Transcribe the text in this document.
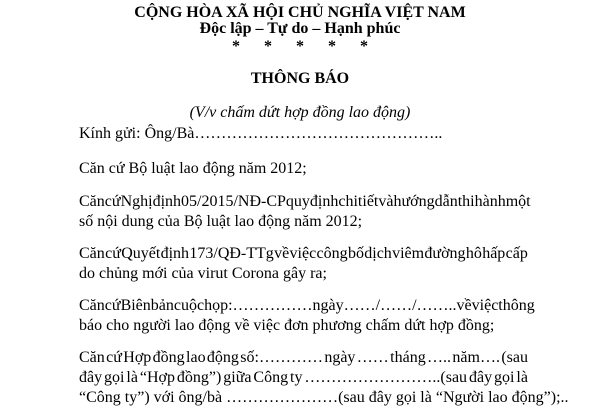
CỘNG HÒA XÃ HỘI CHỦ NGHĨA VIỆT NAM
Độc lập – Tự do – Hạnh phúc
* * * * *
THÔNG BÁO
(V/v chấm dứt hợp đồng lao động)
Kính gửi: Ông/Bà………………………………………..
Căn cứ Bộ luật lao động năm 2012;
Căn cứ Nghị định 05/2015/NĐ-CP quy định chi tiết và hướng dẫn thi hành một
số nội dung của Bộ luật lao động năm 2012;
Căn cứ Quyết định 173/QĐ-TTg về việc công bố dịch viêm đường hô hấp cấp
do chủng mới của virut Corona gây ra;
Căn cứ Biên bản cuộc họp:……………ngày……/……/……..về việc thông
báo cho người lao động về việc đơn phương chấm dứt hợp đồng;
Căn cứ Hợp đồng lao động số:………… ngày …… tháng ….. năm…. (sau
đây gọi là “Hợp đồng”) giữa Công ty ……………………..(sau đây gọi là
“Công ty”) với ông/bà …………………(sau đây gọi là “Người lao động”);..
